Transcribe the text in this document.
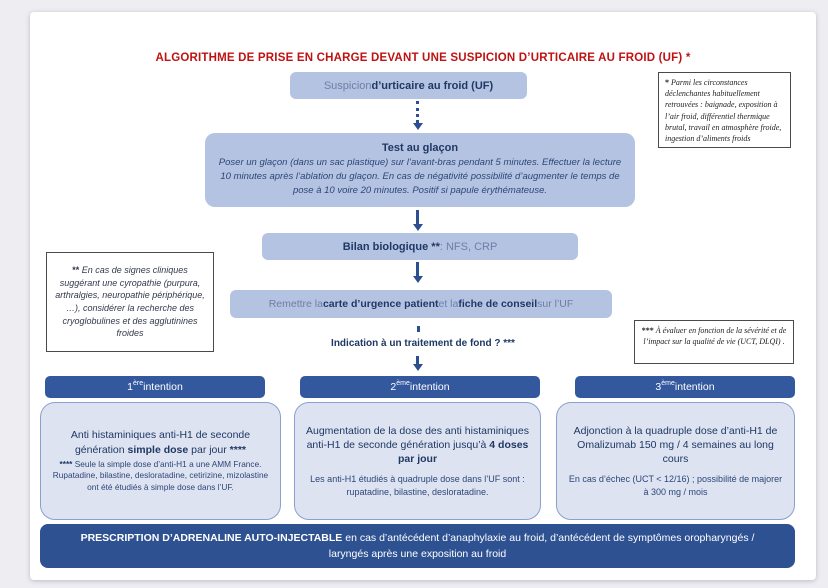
ALGORITHME DE PRISE EN CHARGE DEVANT UNE SUSPICION D’URTICAIRE AU FROID (UF) *
Suspicion d’urticaire au froid (UF)	* Parmi les circonstances déclenchantes habituellement retrouvées : baignade, exposition à l’air froid, différentiel thermique brutal, travail en atmosphère froide, ingestion d’aliments froids
Test au glaçon
Poser un glaçon (dans un sac plastique) sur l’avant-bras pendant 5 minutes. Effectuer la lecture 10 minutes après l’ablation du glaçon. En cas de négativité possibilité d’augmenter le temps de pose à 10 voire 20 minutes. Positif si papule érythémateuse.
Bilan biologique ** : NFS, CRP
** En cas de signes cliniques suggérant une cyropathie (purpura, arthralgies, neuropathie périphérique, …), considérer la recherche des cryoglobulines et des agglutinines froides
Remettre la carte d’urgence patient et la fiche de conseil sur l’UF
Indication à un traitement de fond ? ***
*** À évaluer en fonction de la sévérité et de l’impact sur la qualité de vie (UCT, DLQI) .
1 ère intention	2 ème intention	3 ème intention
Anti histaminiques anti-H1 de seconde génération simple dose par jour ****
**** Seule la simple dose d’anti-H1 a une AMM France. Rupatadine, bilastine, desloratadine, cetirizine, mizolastine ont été étudiés à simple dose dans l’UF.
Augmentation de la dose des anti histaminiques anti-H1 de seconde génération jusqu’à 4 doses par jour
Les anti-H1 étudiés à quadruple dose dans l’UF sont : rupatadine, bilastine, desloratadine.
Adjonction à la quadruple dose d’anti-H1 de Omalizumab 150 mg / 4 semaines au long cours
En cas d’échec (UCT < 12/16) ; possibilité de majorer à 300 mg / mois
PRESCRIPTION D’ADRENALINE AUTO-INJECTABLE en cas d’antécédent d’anaphylaxie au froid, d’antécédent de symptômes oropharyngés / laryngés après une exposition au froid
